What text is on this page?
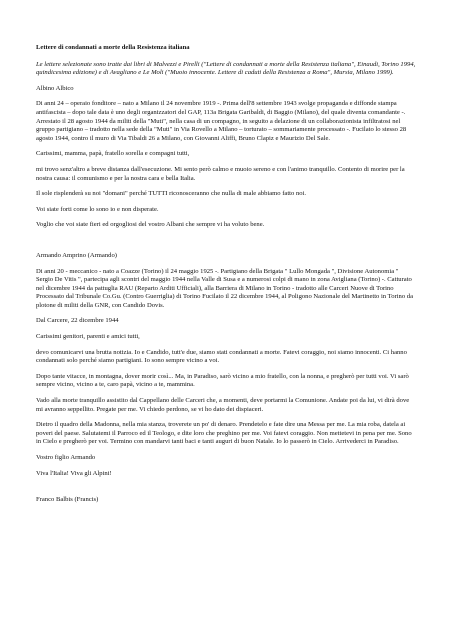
Lettere di condannati a morte della Resistenza italiana

Le lettere selezionate sono tratte dai libri di Malvezzi e Pirelli ("Lettere di condannati a morte della Resistenza italiana", Einaudi, Torino 1994, quindicesima edizione) e di Avagliano e Le Moli ("Muoio innocente. Lettere di caduti della Resistenza a Roma", Mursia, Milano 1999).

Albino Albico

Di anni 24 – operaio fonditore – nato a Milano il 24 novembre 1919 -. Prima dell'8 settembre 1943 svolge propaganda e diffonde stampa antifascista – dopo tale data è uno degli organizzatori del GAP, 113a Brigata Garibaldi, di Baggio (Milano), del quale diventa comandante -. Arrestato il 28 agosto 1944 da militi della "Muti", nella casa di un compagno, in seguito a delazione di un collaborazionista infiltratosi nel gruppo partigiano – tradotto nella sede della "Muti" in Via Rovello a Milano – torturato – sommariamente processato -. Fucilato lo stesso 28 agosto 1944, contro il muro di Via Tibaldi 26 a Milano, con Giovanni Aliffi, Bruno Clapiz e Maurizio Del Sale.

Carissimi, mamma, papà, fratello sorella e compagni tutti,

mi trovo senz'altro a breve distanza dall'esecuzione. Mi sento però calmo e muoio sereno e con l'animo tranquillo. Contento di morire per la nostra causa: il comunismo e per la nostra cara e bella Italia.

Il sole risplenderà su noi "domani" perché TUTTI riconosceranno che nulla di male abbiamo fatto noi.

Voi siate forti come lo sono io e non disperate.

Voglio che voi siate fieri ed orgogliosi del vostro Albani che sempre vi ha voluto bene.

Armando Amprino (Armando)

Di anni 20 - meccanico - nato a Coazze (Torino) il 24 maggio 1925 -. Partigiano della Brigata " Lullo Mongada ", Divisione Autonomia " Sergio De Vitis ", partecipa agli scontri del maggio 1944 nella Valle di Susa e a numerosi colpi di mano in zona Avigliana (Torino) -. Catturato nel dicembre 1944 da pattuglia RAU (Reparto Arditi Ufficiali), alla Barriera di Milano in Torino - tradotto alle Carceri Nuove di Torino Processato dal Tribunale Co.Gu. (Contro Guerriglia) di Torino Fucilato il 22 dicembre 1944, al Poligono Nazionale del Martinetto in Torino da plotone di militi della GNR, con Candido Dovis.

Dal Carcere, 22 dicembre 1944

Carissimi genitori, parenti e amici tutti,

devo comunicarvi una brutta notizia. Io e Candido, tutt'e due, siamo stati condannati a morte. Fatevi coraggio, noi siamo innocenti. Ci hanno condannati solo perché siamo partigiani. Io sono sempre vicino a voi.

Dopo tante vitacce, in montagna, dover morir così... Ma, in Paradiso, sarò vicino a mio fratello, con la nonna, e pregherò per tutti voi. Vi sarò sempre vicino, vicino a te, caro papà, vicino a te, mammina.

Vado alla morte tranquillo assistito dal Cappellano delle Carceri che, a momenti, deve portarmi la Comunione. Andate poi da lui, vi dirà dove mi avranno seppellito. Pregate per me. Vi chiedo perdono, se vi ho dato dei dispiaceri.

Dietro il quadro della Madonna, nella mia stanza, troverete un po' di denaro. Prendetelo e fate dire una Messa per me. La mia roba, datela ai poveri del paese. Salutatemi il Parroco ed il Teologo, e dite loro che preghino per me. Voi fatevi coraggio. Non mettetevi in pena per me. Sono in Cielo e pregherò per voi. Termino con mandarvi tanti baci e tanti auguri di buon Natale. Io lo passerò in Cielo. Arrivederci in Paradiso.

Vostro figlio Armando

Viva l'Italia! Viva gli Alpini!

Franco Balbis (Francis)
